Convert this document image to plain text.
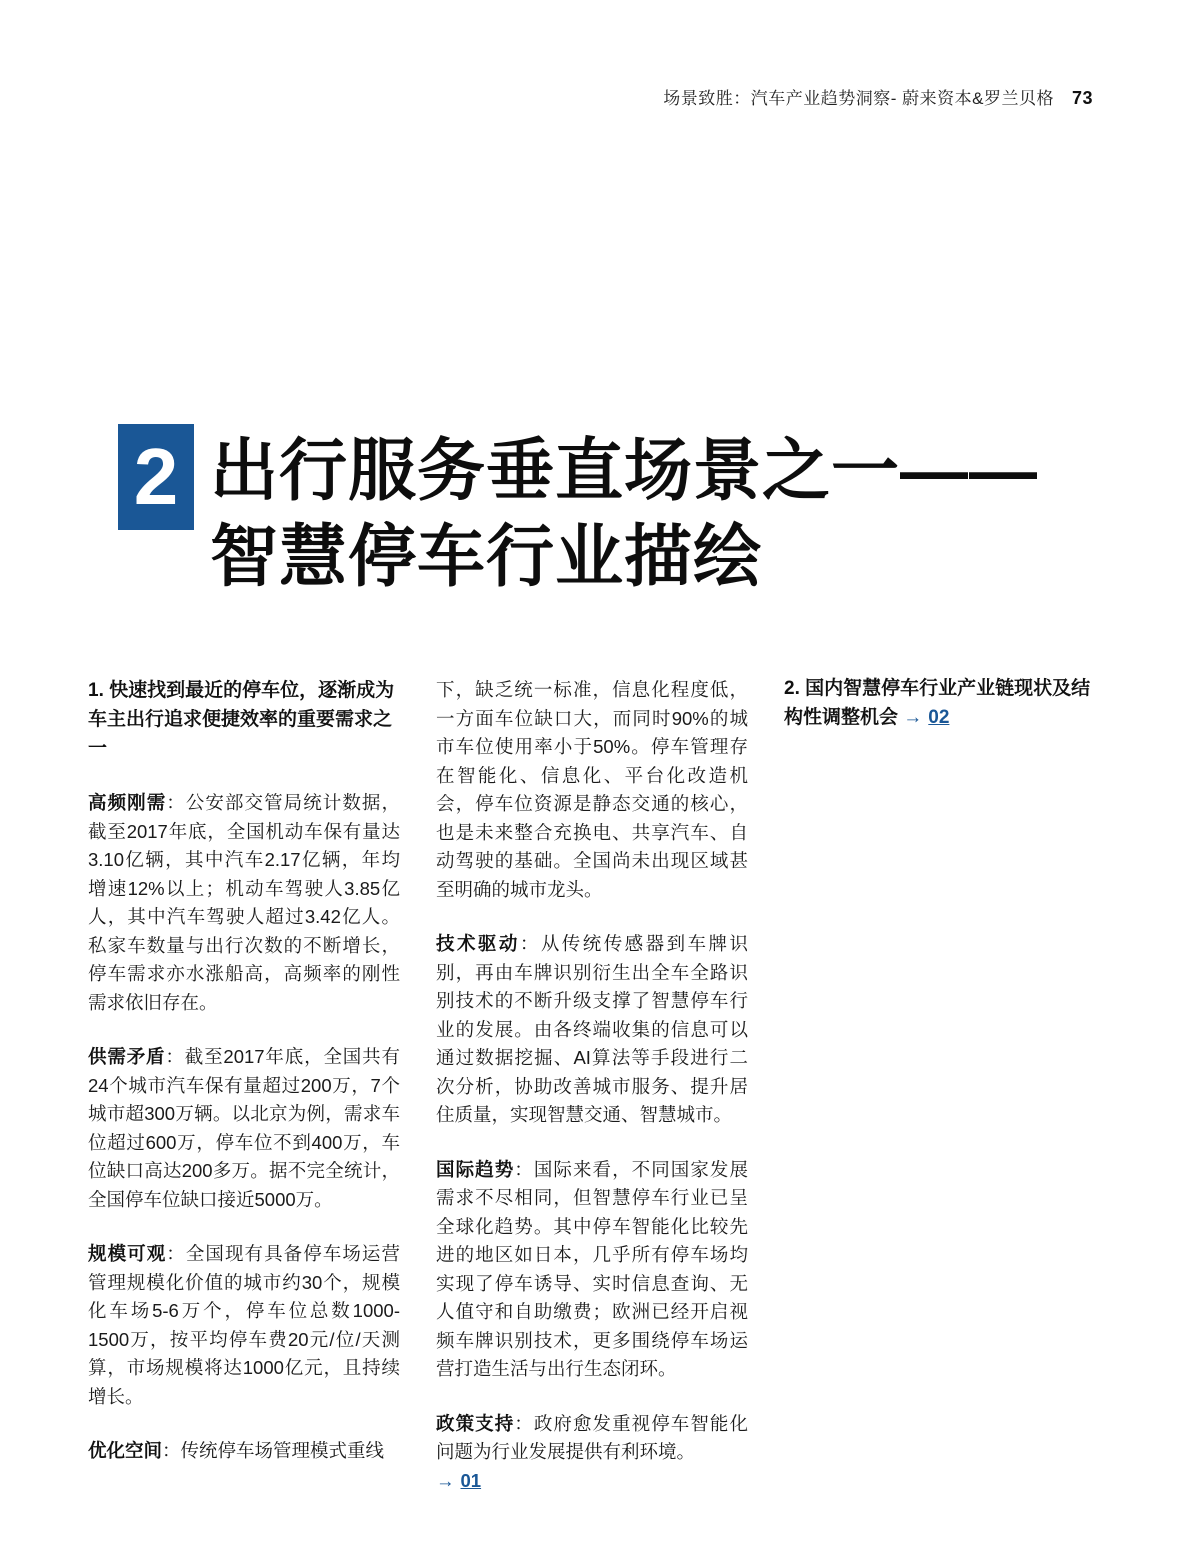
场景致胜：汽车产业趋势洞察- 蔚来资本&罗兰贝格 73
2 出行服务垂直场景之一——
智慧停车行业描绘
1. 快速找到最近的停车位，逐渐成为车主出行追求便捷效率的重要需求之一
高频刚需：公安部交管局统计数据，截至2017年底，全国机动车保有量达3.10亿辆，其中汽车2.17亿辆，年均增速12%以上；机动车驾驶人3.85亿人，其中汽车驾驶人超过3.42亿人。私家车数量与出行次数的不断增长，停车需求亦水涨船高，高频率的刚性需求依旧存在。
供需矛盾：截至2017年底，全国共有24个城市汽车保有量超过200万，7个城市超300万辆。以北京为例，需求车位超过600万，停车位不到400万，车位缺口高达200多万。据不完全统计，全国停车位缺口接近5000万。
规模可观：全国现有具备停车场运营管理规模化价值的城市约30个，规模化车场5-6万个，停车位总数1000-1500万，按平均停车费20元/位/天测算，市场规模将达1000亿元，且持续增长。
优化空间：传统停车场管理模式重线
下，缺乏统一标准，信息化程度低，一方面车位缺口大，而同时90%的城市车位使用率小于50%。停车管理存在智能化、信息化、平台化改造机会，停车位资源是静态交通的核心，也是未来整合充换电、共享汽车、自动驾驶的基础。全国尚未出现区域甚至明确的城市龙头。
技术驱动：从传统传感器到车牌识别，再由车牌识别衍生出全车全路识别技术的不断升级支撑了智慧停车行业的发展。由各终端收集的信息可以通过数据挖掘、AI算法等手段进行二次分析，协助改善城市服务、提升居住质量，实现智慧交通、智慧城市。
国际趋势：国际来看，不同国家发展需求不尽相同，但智慧停车行业已呈全球化趋势。其中停车智能化比较先进的地区如日本，几乎所有停车场均实现了停车诱导、实时信息查询、无人值守和自助缴费；欧洲已经开启视频车牌识别技术，更多围绕停车场运营打造生活与出行生态闭环。
政策支持：政府愈发重视停车智能化问题为行业发展提供有利环境。
→ 01
2. 国内智慧停车行业产业链现状及结构性调整机会 → 02
